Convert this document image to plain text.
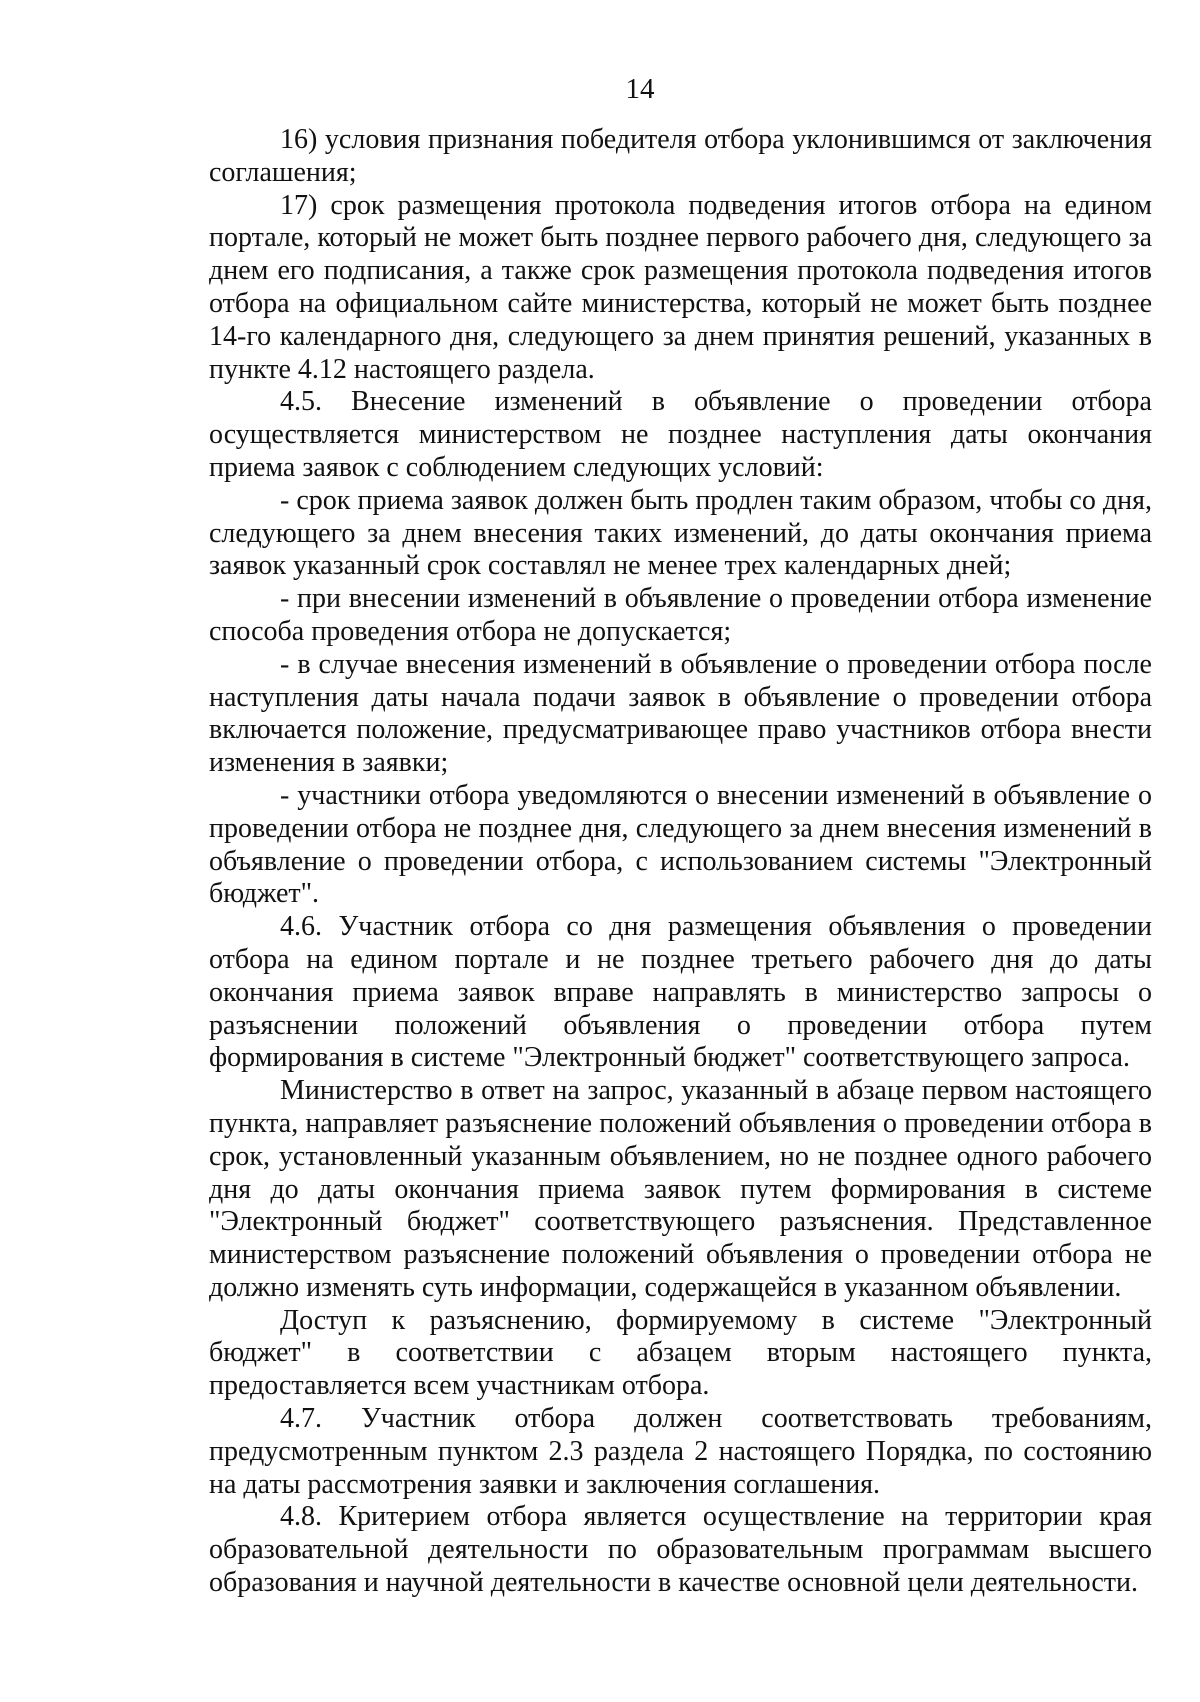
14

16) условия признания победителя отбора уклонившимся от заключения соглашения;

17) срок размещения протокола подведения итогов отбора на едином портале, который не может быть позднее первого рабочего дня, следующего за днем его подписания, а также срок размещения протокола подведения итогов отбора на официальном сайте министерства, который не может быть позднее 14-го календарного дня, следующего за днем принятия решений, указанных в пункте 4.12 настоящего раздела.

4.5. Внесение изменений в объявление о проведении отбора осуществляется министерством не позднее наступления даты окончания приема заявок с соблюдением следующих условий:

- срок приема заявок должен быть продлен таким образом, чтобы со дня, следующего за днем внесения таких изменений, до даты окончания приема заявок указанный срок составлял не менее трех календарных дней;

- при внесении изменений в объявление о проведении отбора изменение способа проведения отбора не допускается;

- в случае внесения изменений в объявление о проведении отбора после наступления даты начала подачи заявок в объявление о проведении отбора включается положение, предусматривающее право участников отбора внести изменения в заявки;

- участники отбора уведомляются о внесении изменений в объявление о проведении отбора не позднее дня, следующего за днем внесения изменений в объявление о проведении отбора, с использованием системы "Электронный бюджет".

4.6. Участник отбора со дня размещения объявления о проведении отбора на едином портале и не позднее третьего рабочего дня до даты окончания приема заявок вправе направлять в министерство запросы о разъяснении положений объявления о проведении отбора путем формирования в системе "Электронный бюджет" соответствующего запроса.

Министерство в ответ на запрос, указанный в абзаце первом настоящего пункта, направляет разъяснение положений объявления о проведении отбора в срок, установленный указанным объявлением, но не позднее одного рабочего дня до даты окончания приема заявок путем формирования в системе "Электронный бюджет" соответствующего разъяснения. Представленное министерством разъяснение положений объявления о проведении отбора не должно изменять суть информации, содержащейся в указанном объявлении.

Доступ к разъяснению, формируемому в системе "Электронный бюджет" в соответствии с абзацем вторым настоящего пункта, предоставляется всем участникам отбора.

4.7. Участник отбора должен соответствовать требованиям, предусмотренным пунктом 2.3 раздела 2 настоящего Порядка, по состоянию на даты рассмотрения заявки и заключения соглашения.

4.8. Критерием отбора является осуществление на территории края образовательной деятельности по образовательным программам высшего образования и научной деятельности в качестве основной цели деятельности.
